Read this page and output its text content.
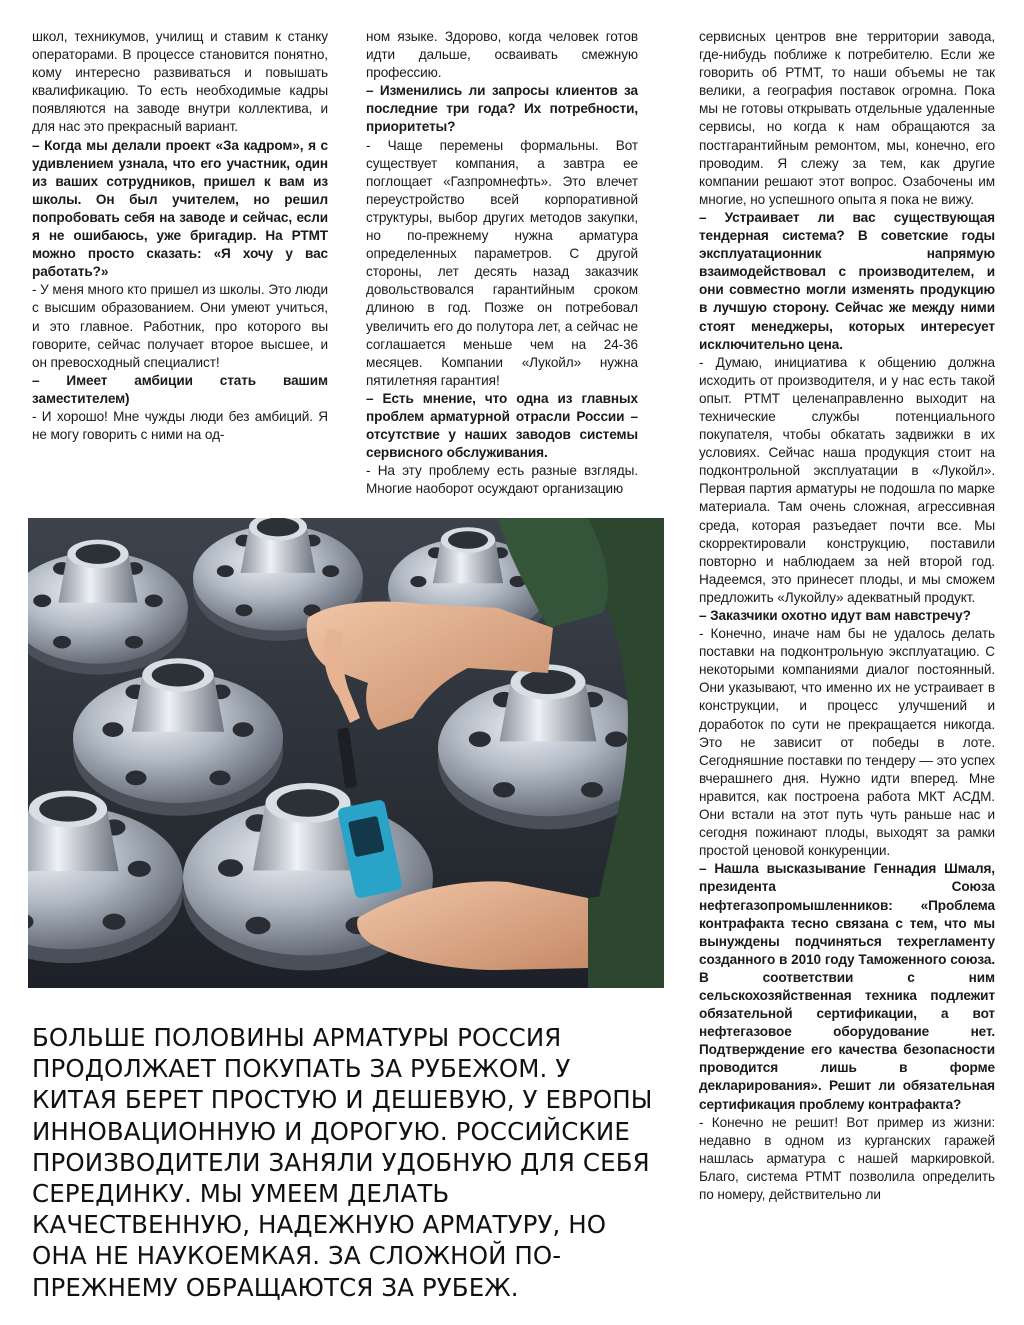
школ, техникумов, училищ и ставим к станку операторами. В процессе становится понятно, кому интересно развиваться и повышать квалификацию. То есть необходимые кадры появляются на заводе внутри коллектива, и для нас это прекрасный вариант.

– Когда мы делали проект «За кадром», я с удивлением узнала, что его участник, один из ваших сотрудников, пришел к вам из школы. Он был учителем, но решил попробовать себя на заводе и сейчас, если я не ошибаюсь, уже бригадир. На РТМТ можно просто сказать: «Я хочу у вас работать?»

- У меня много кто пришел из школы. Это люди с высшим образованием. Они умеют учиться, и это главное. Работник, про которого вы говорите, сейчас получает второе высшее, и он превосходный специалист!

– Имеет амбиции стать вашим заместителем)

- И хорошо! Мне чужды люди без амбиций. Я не могу говорить с ними на од-

ном языке. Здорово, когда человек готов идти дальше, осваивать смежную профессию.

– Изменились ли запросы клиентов за последние три года? Их потребности, приоритеты?

- Чаще перемены формальны. Вот существует компания, а завтра ее поглощает «Газпромнефть». Это влечет переустройство всей корпоративной структуры, выбор других методов закупки, но по-прежнему нужна арматура определенных параметров. С другой стороны, лет десять назад заказчик довольствовался гарантийным сроком длиною в год. Позже он потребовал увеличить его до полутора лет, а сейчас не соглашается меньше чем на 24-36 месяцев. Компании «Лукойл» нужна пятилетняя гарантия!

– Есть мнение, что одна из главных проблем арматурной отрасли России – отсутствие у наших заводов системы сервисного обслуживания.

- На эту проблему есть разные взгляды. Многие наоборот осуждают организацию

сервисных центров вне территории завода, где-нибудь поближе к потребителю. Если же говорить об РТМТ, то наши объемы не так велики, а география поставок огромна. Пока мы не готовы открывать отдельные удаленные сервисы, но когда к нам обращаются за постгарантийным ремонтом, мы, конечно, его проводим. Я слежу за тем, как другие компании решают этот вопрос. Озабочены им многие, но успешного опыта я пока не вижу.

– Устраивает ли вас существующая тендерная система? В советские годы эксплуатационник напрямую взаимодействовал с производителем, и они совместно могли изменять продукцию в лучшую сторону. Сейчас же между ними стоят менеджеры, которых интересует исключительно цена.

- Думаю, инициатива к общению должна исходить от производителя, и у нас есть такой опыт. РТМТ целенаправленно выходит на технические службы потенциального покупателя, чтобы обкатать задвижки в их условиях. Сейчас наша продукция стоит на подконтрольной эксплуатации в «Лукойл». Первая партия арматуры не подошла по марке материала. Там очень сложная, агрессивная среда, которая разъедает почти все. Мы скорректировали конструкцию, поставили повторно и наблюдаем за ней второй год. Надеемся, это принесет плоды, и мы сможем предложить «Лукойлу» адекватный продукт.

– Заказчики охотно идут вам навстречу?

- Конечно, иначе нам бы не удалось делать поставки на подконтрольную эксплуатацию. С некоторыми компаниями диалог постоянный. Они указывают, что именно их не устраивает в конструкции, и процесс улучшений и доработок по сути не прекращается никогда. Это не зависит от победы в лоте. Сегодняшние поставки по тендеру — это успех вчерашнего дня. Нужно идти вперед. Мне нравится, как построена работа МКТ АСДМ. Они встали на этот путь чуть раньше нас и сегодня пожинают плоды, выходят за рамки простой ценовой конкуренции.

– Нашла высказывание Геннадия Шмаля, президента Союза нефтегазопромышленников: «Проблема контрафакта тесно связана с тем, что мы вынуждены подчиняться техрегламенту созданного в 2010 году Таможенного союза. В соответствии с ним сельскохозяйственная техника подлежит обязательной сертификации, а вот нефтегазовое оборудование нет. Подтверждение его качества безопасности проводится лишь в форме декларирования». Решит ли обязательная сертификация проблему контрафакта?

- Конечно не решит! Вот пример из жизни: недавно в одном из курганских гаражей нашлась арматура с нашей маркировкой. Благо, система РТМТ позволила определить по номеру, действительно ли

БОЛЬШЕ ПОЛОВИНЫ АРМАТУРЫ РОССИЯ ПРОДОЛЖАЕТ ПОКУПАТЬ ЗА РУБЕЖОМ. У КИТАЯ БЕРЕТ ПРОСТУЮ И ДЕШЕВУЮ, У ЕВРОПЫ ИННОВАЦИОННУЮ И ДОРОГУЮ. РОССИЙСКИЕ ПРОИЗВОДИТЕЛИ ЗАНЯЛИ УДОБНУЮ ДЛЯ СЕБЯ СЕРЕДИНКУ. МЫ УМЕЕМ ДЕЛАТЬ КАЧЕСТВЕННУЮ, НАДЕЖНУЮ АРМАТУРУ, НО ОНА НЕ НАУКОЕМКАЯ. ЗА СЛОЖНОЙ ПО-ПРЕЖНЕМУ ОБРАЩАЮТСЯ ЗА РУБЕЖ.
